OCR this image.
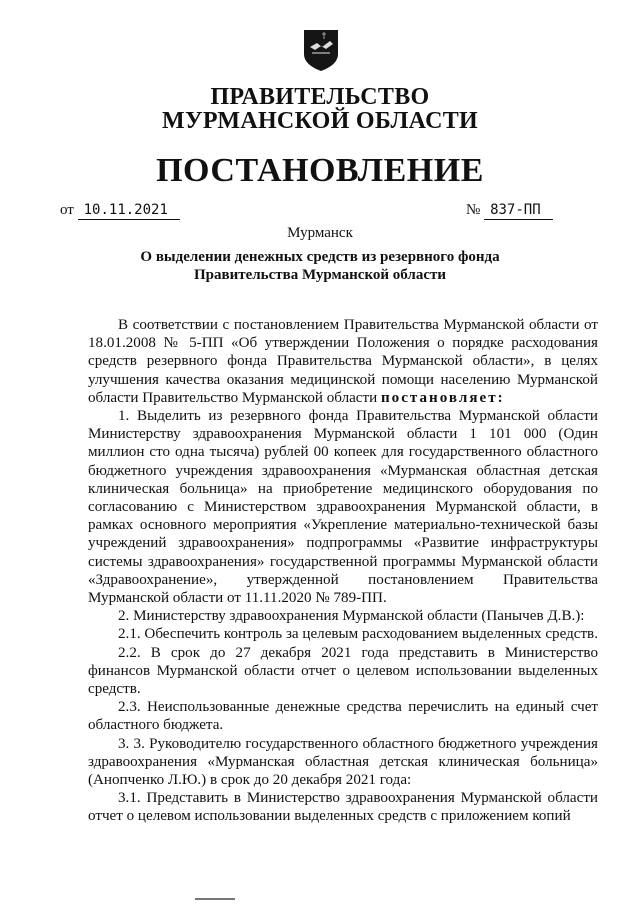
ПРАВИТЕЛЬСТВО
МУРМАНСКОЙ ОБЛАСТИ
ПОСТАНОВЛЕНИЕ
от 10.11.2021	№ 837-ПП
Мурманск
О выделении денежных средств из резервного фонда
Правительства Мурманской области

В соответствии с постановлением Правительства Мурманской области от 18.01.2008 № 5-ПП «Об утверждении Положения о порядке расходования средств резервного фонда Правительства Мурманской области», в целях улучшения качества оказания медицинской помощи населению Мурманской области Правительство Мурманской области постановляет:

1. Выделить из резервного фонда Правительства Мурманской области Министерству здравоохранения Мурманской области 1 101 000 (Один миллион сто одна тысяча) рублей 00 копеек для государственного областного бюджетного учреждения здравоохранения «Мурманская областная детская клиническая больница» на приобретение медицинского оборудования по согласованию с Министерством здравоохранения Мурманской области, в рамках основного мероприятия «Укрепление материально-технической базы учреждений здравоохранения» подпрограммы «Развитие инфраструктуры системы здравоохранения» государственной программы Мурманской области «Здравоохранение», утвержденной постановлением Правительства Мурманской области от 11.11.2020 № 789-ПП.

2. Министерству здравоохранения Мурманской области (Панычев Д.В.):

2.1. Обеспечить контроль за целевым расходованием выделенных средств.

2.2. В срок до 27 декабря 2021 года представить в Министерство финансов Мурманской области отчет о целевом использовании выделенных средств.

2.3. Неиспользованные денежные средства перечислить на единый счет областного бюджета.

3. 3. Руководителю государственного областного бюджетного учреждения здравоохранения «Мурманская областная детская клиническая больница» (Анопченко Л.Ю.) в срок до 20 декабря 2021 года:

3.1. Представить в Министерство здравоохранения Мурманской области отчет о целевом использовании выделенных средств с приложением копий
